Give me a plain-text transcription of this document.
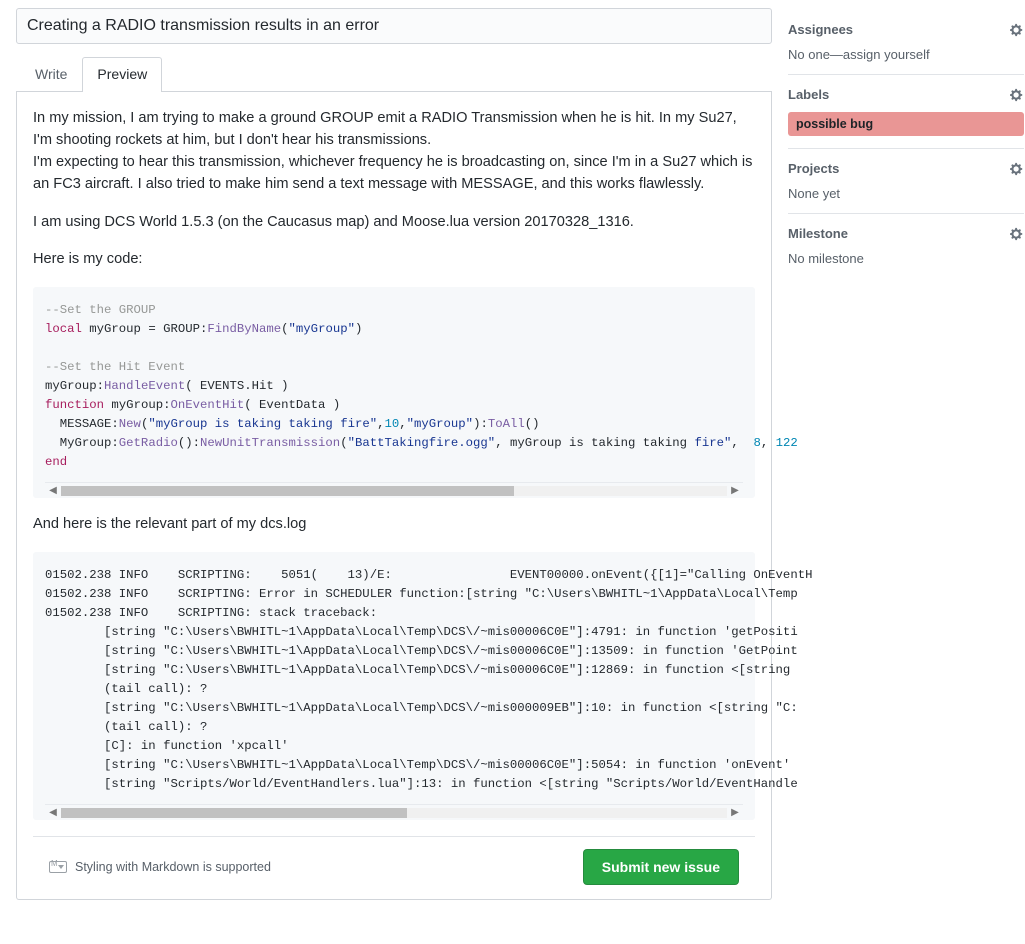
Creating a RADIO transmission results in an error
Write	Preview

In my mission, I am trying to make a ground GROUP emit a RADIO Transmission when he is hit. In my Su27, I'm shooting rockets at him, but I don't hear his transmissions.
I'm expecting to hear this transmission, whichever frequency he is broadcasting on, since I'm in a Su27 which is an FC3 aircraft. I also tried to make him send a text message with MESSAGE, and this works flawlessly.

I am using DCS World 1.5.3 (on the Caucasus map) and Moose.lua version 20170328_1316.

Here is my code:

--Set the GROUP
local myGroup = GROUP:FindByName("myGroup")

--Set the Hit Event
myGroup:HandleEvent( EVENTS.Hit )
function myGroup:OnEventHit( EventData )
MESSAGE:New("myGroup is taking taking fire",10,"myGroup"):ToAll()
MyGroup:GetRadio():NewUnitTransmission("BattTakingfire.ogg", myGroup is taking taking fire",  8, 122
end
◀	▶

And here is the relevant part of my dcs.log

01502.238 INFO    SCRIPTING:    5051(    13)/E:                EVENT00000.onEvent({[1]="Calling OnEventH
01502.238 INFO    SCRIPTING: Error in SCHEDULER function:[string "C:\Users\BWHITL~1\AppData\Local\Temp
01502.238 INFO    SCRIPTING: stack traceback:
[string "C:\Users\BWHITL~1\AppData\Local\Temp\DCS\/~mis00006C0E"]:4791: in function 'getPositi
[string "C:\Users\BWHITL~1\AppData\Local\Temp\DCS\/~mis00006C0E"]:13509: in function 'GetPoint
[string "C:\Users\BWHITL~1\AppData\Local\Temp\DCS\/~mis00006C0E"]:12869: in function <[string
(tail call): ?
[string "C:\Users\BWHITL~1\AppData\Local\Temp\DCS\/~mis000009EB"]:10: in function <[string "C:
(tail call): ?
[C]: in function 'xpcall'
[string "C:\Users\BWHITL~1\AppData\Local\Temp\DCS\/~mis00006C0E"]:5054: in function 'onEvent'
[string "Scripts/World/EventHandlers.lua"]:13: in function <[string "Scripts/World/EventHandle
◀	▶
M
Styling with Markdown is supported	Submit new issue
Assignees
No one—assign yourself
Labels
possible bug
Projects
None yet
Milestone
No milestone
